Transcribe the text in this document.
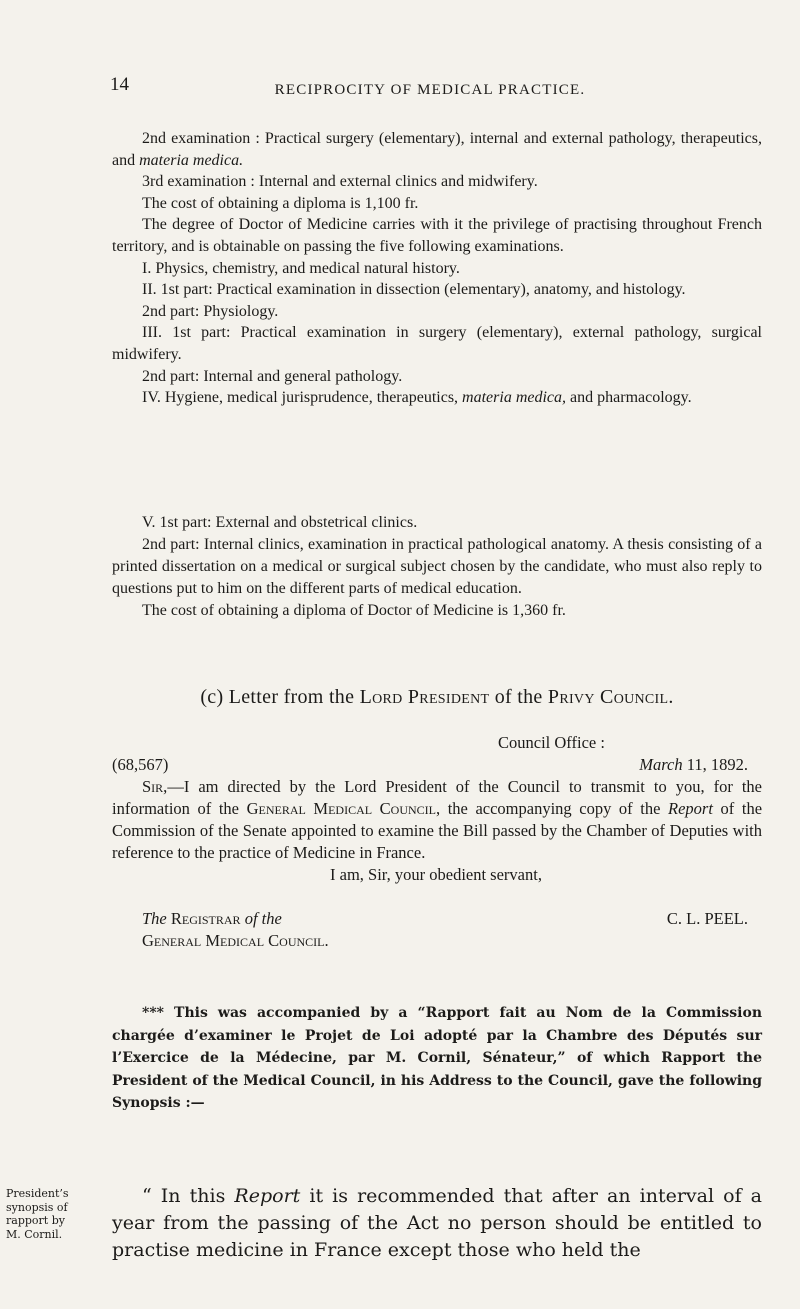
14	RECIPROCITY OF MEDICAL PRACTICE.

2nd examination : Practical surgery (elementary), internal and external pathology, therapeutics, and materia medica.

3rd examination : Internal and external clinics and midwifery.

The cost of obtaining a diploma is 1,100 fr.

The degree of Doctor of Medicine carries with it the privilege of practising throughout French territory, and is obtainable on passing the five following examinations.

I. Physics, chemistry, and medical natural history.

II. 1st part: Practical examination in dissection (elementary), anatomy, and histology.

2nd part: Physiology.

III. 1st part: Practical examination in surgery (elementary), external pathology, surgical midwifery.

2nd part: Internal and general pathology.

IV. Hygiene, medical jurisprudence, therapeutics, materia medica, and pharmacology.

V. 1st part: External and obstetrical clinics.

2nd part: Internal clinics, examination in practical pathological anatomy. A thesis consisting of a printed dissertation on a medical or surgical subject chosen by the candidate, who must also reply to questions put to him on the different parts of medical education.

The cost of obtaining a diploma of Doctor of Medicine is 1,360 fr.

(c) Letter from the Lord President of the Privy Council.
Council Office :
(68,567)	March 11, 1892.

Sir,—I am directed by the Lord President of the Council to transmit to you, for the information of the General Medical Council, the accompanying copy of the Report of the Commission of the Senate appointed to examine the Bill passed by the Chamber of Deputies with reference to the practice of Medicine in France.

I am, Sir, your obedient servant,
The Registrar of the	C. L. PEEL.
General Medical Council.
*** This was accompanied by a “Rapport fait au Nom de la Commission chargée d’examiner le Projet de Loi adopté par la Chambre des Députés sur l’Exercice de la Médecine, par M. Cornil, Sénateur,” of which Rapport the President of the Medical Council, in his Address to the Council, gave the following Synopsis :—
“ In this Report it is recommended that after an interval of a year from the passing of the Act no person should be entitled to practise medicine in France except those who held the
President’s
synopsis of
rapport by
M. Cornil.
